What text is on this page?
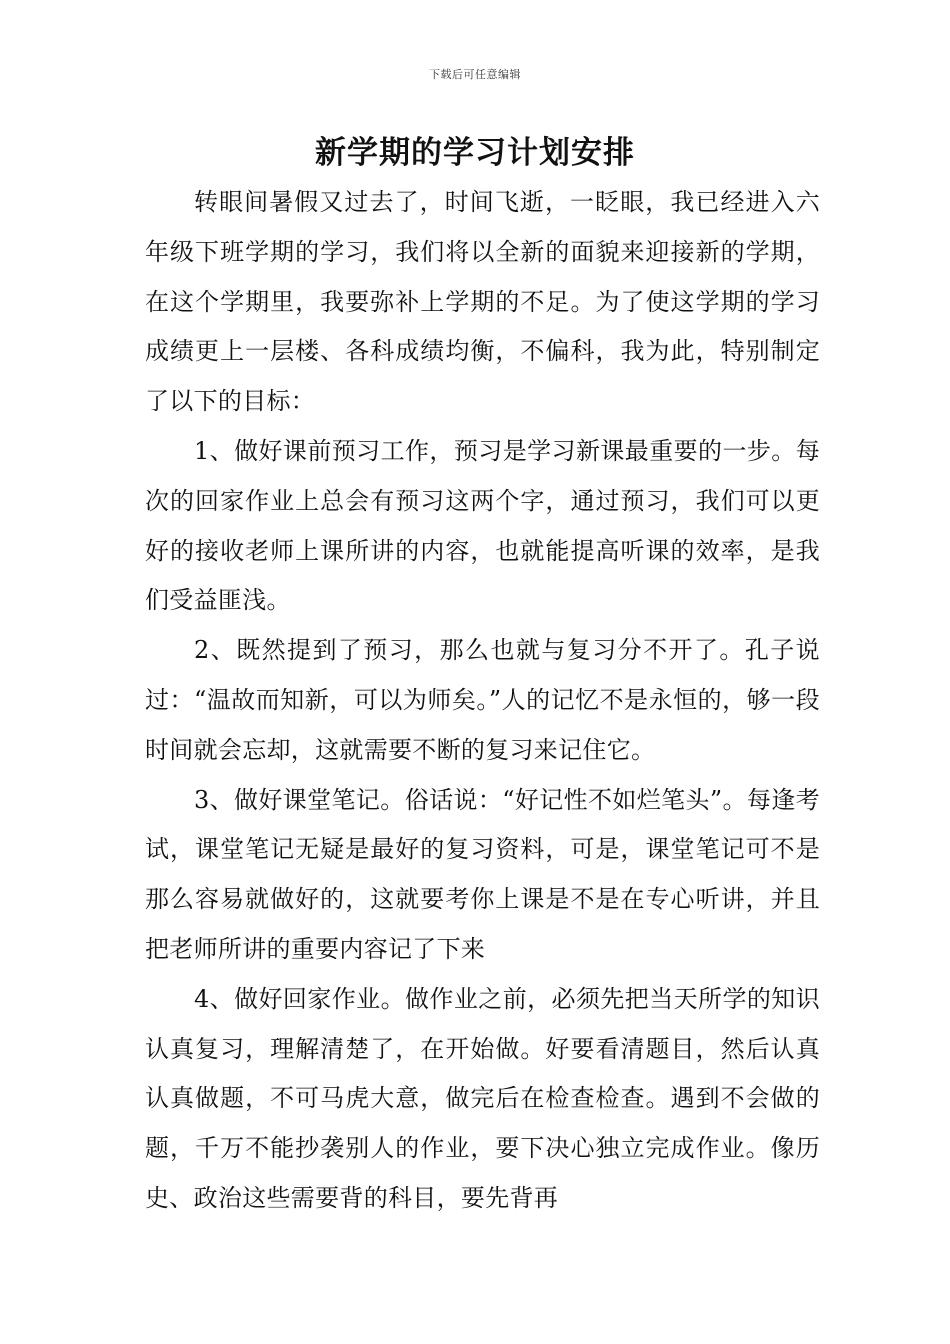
下载后可任意编辑
新学期的学习计划安排

转眼间暑假又过去了，时间飞逝，一眨眼，我已经进入六年级下班学期的学习，我们将以全新的面貌来迎接新的学期，在这个学期里，我要弥补上学期的不足。为了使这学期的学习成绩更上一层楼、各科成绩均衡，不偏科，我为此，特别制定了以下的目标：

1、做好课前预习工作，预习是学习新课最重要的一步。每次的回家作业上总会有预习这两个字，通过预习，我们可以更好的接收老师上课所讲的内容，也就能提高听课的效率，是我们受益匪浅。

2、既然提到了预习，那么也就与复习分不开了。孔子说过：“温故而知新，可以为师矣。”人的记忆不是永恒的，够一段时间就会忘却，这就需要不断的复习来记住它。

3、做好课堂笔记。俗话说：“好记性不如烂笔头”。每逢考试，课堂笔记无疑是最好的复习资料，可是，课堂笔记可不是那么容易就做好的，这就要考你上课是不是在专心听讲，并且把老师所讲的重要内容记了下来

4、做好回家作业。做作业之前，必须先把当天所学的知识认真复习，理解清楚了，在开始做。好要看清题目，然后认真认真做题，不可马虎大意，做完后在检查检查。遇到不会做的题，千万不能抄袭别人的作业，要下决心独立完成作业。像历史、政治这些需要背的科目，要先背再
